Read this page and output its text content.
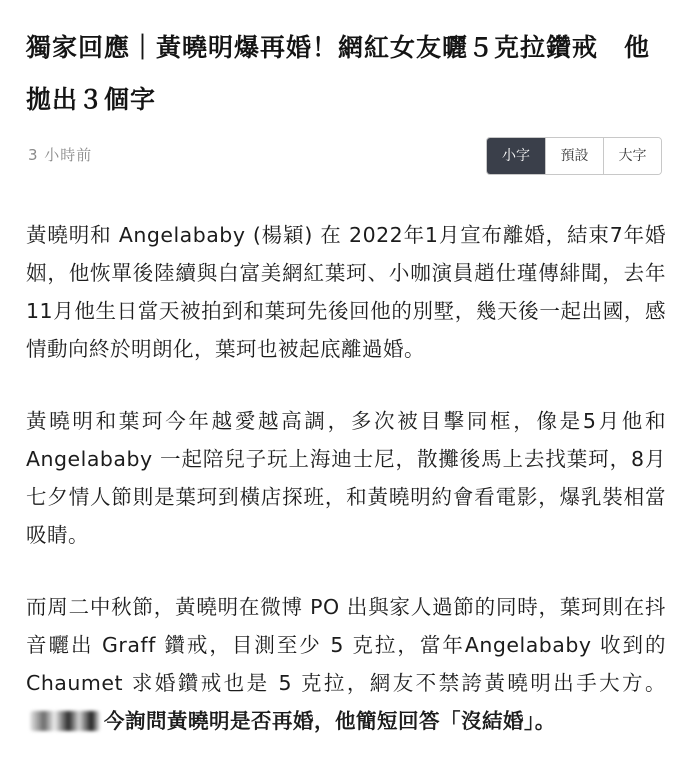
獨家回應｜黃曉明爆再婚！網紅女友曬５克拉鑽戒　他拋出３個字
3 小時前	小字	預設	大字

黃曉明和 Angelababy (楊穎) 在 2022年1月宣布離婚，結束7年婚姻，他恢單後陸續與白富美網紅葉珂、小咖演員趙仕瑾傳緋聞，去年 11月他生日當天被拍到和葉珂先後回他的別墅，幾天後一起出國，感情動向終於明朗化，葉珂也被起底離過婚。

黃曉明和葉珂今年越愛越高調，多次被目擊同框，像是5月他和 Angelababy 一起陪兒子玩上海迪士尼，散攤後馬上去找葉珂，8月七夕情人節則是葉珂到橫店探班，和黃曉明約會看電影，爆乳裝相當吸睛。

而周二中秋節，黃曉明在微博 PO 出與家人過節的同時，葉珂則在抖音曬出 Graff 鑽戒，目測至少 5 克拉，當年Angelababy 收到的 Chaumet 求婚鑽戒也是 5 克拉，網友不禁誇黃曉明出手大方。今詢問黃曉明是否再婚，他簡短回答「沒結婚」。
